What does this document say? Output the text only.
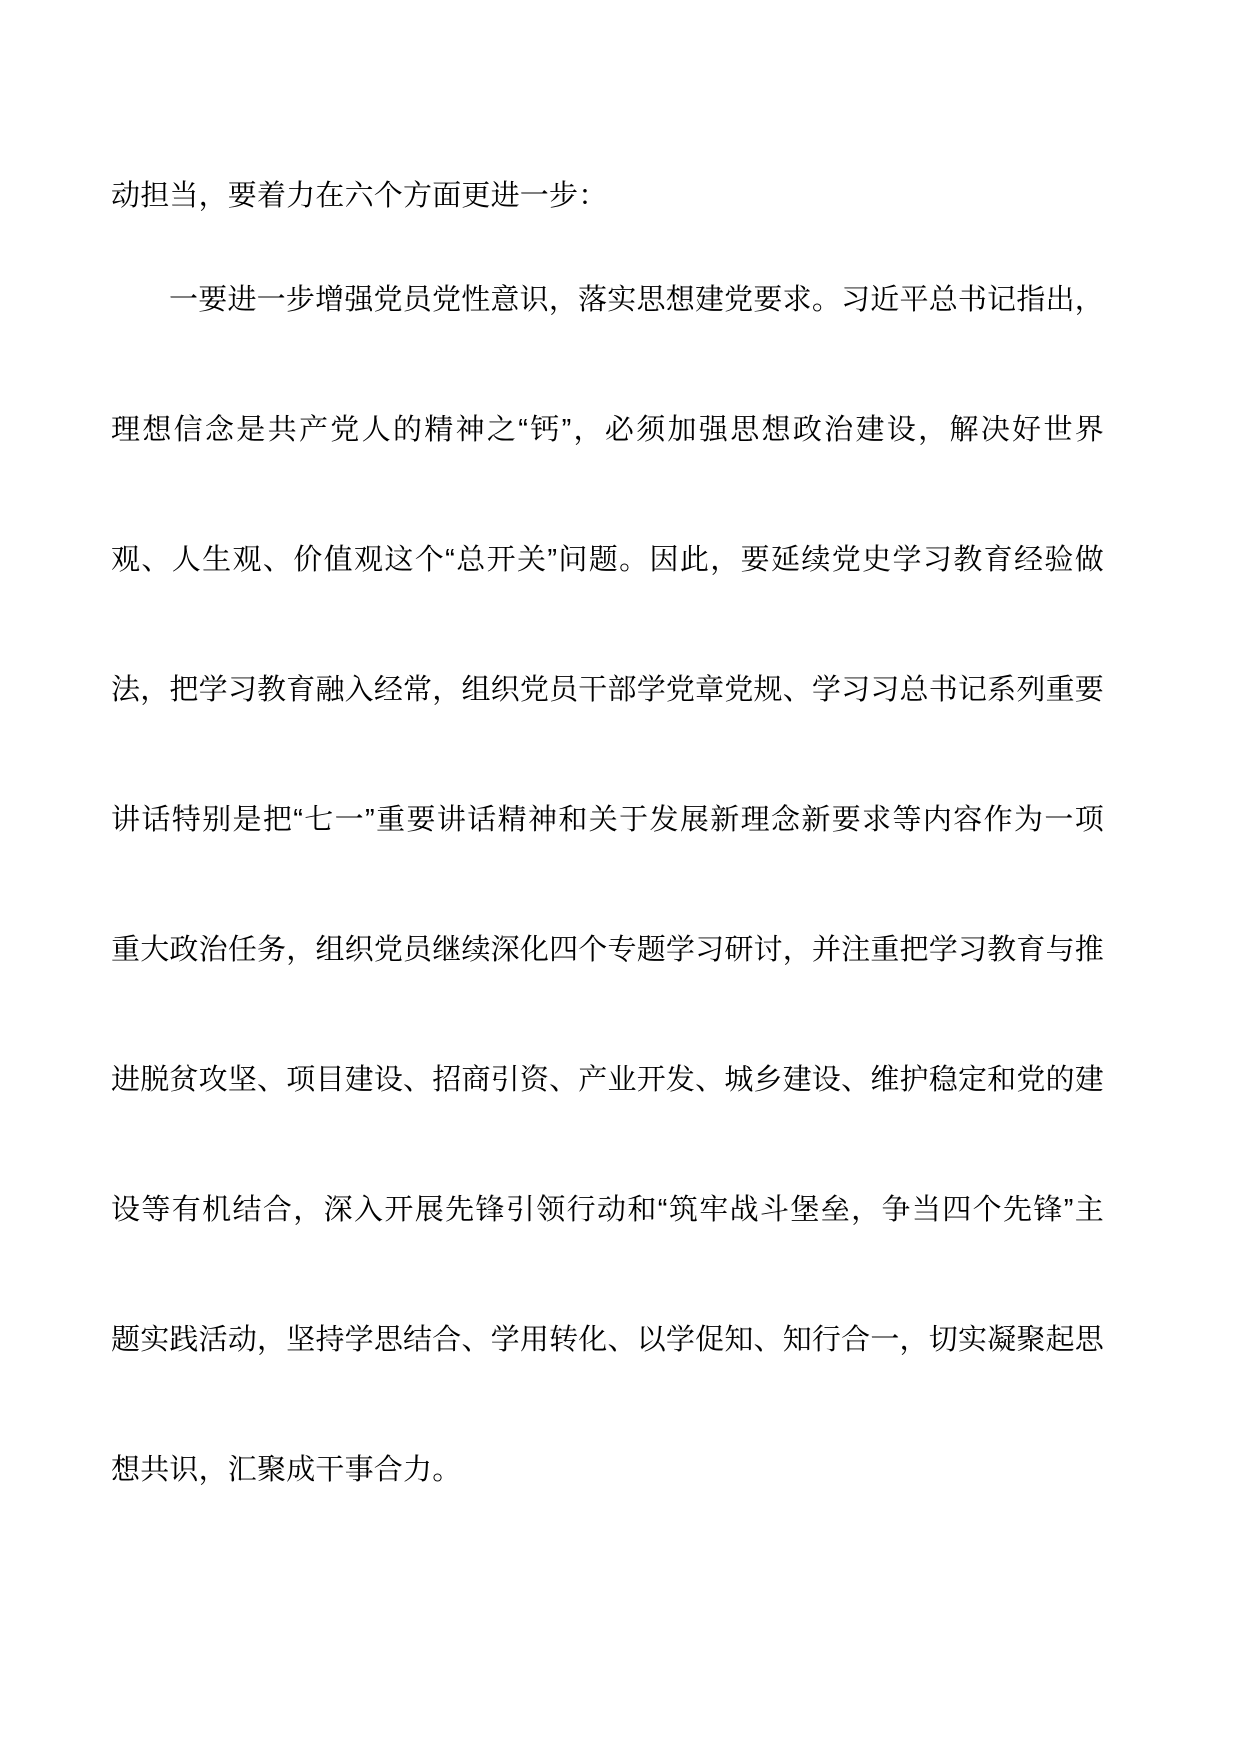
动担当，要着力在六个方面更进一步：
一要进一步增强党员党性意识，落实思想建党要求。习近平总书记指出，
理想信念是共产党人的精神之“钙”，必须加强思想政治建设，解决好世界
观、人生观、价值观这个“总开关”问题。因此，要延续党史学习教育经验做
法，把学习教育融入经常，组织党员干部学党章党规、学习习总书记系列重要
讲话特别是把“七一”重要讲话精神和关于发展新理念新要求等内容作为一项
重大政治任务，组织党员继续深化四个专题学习研讨，并注重把学习教育与推
进脱贫攻坚、项目建设、招商引资、产业开发、城乡建设、维护稳定和党的建
设等有机结合，深入开展先锋引领行动和“筑牢战斗堡垒，争当四个先锋”主
题实践活动，坚持学思结合、学用转化、以学促知、知行合一，切实凝聚起思
想共识，汇聚成干事合力。
